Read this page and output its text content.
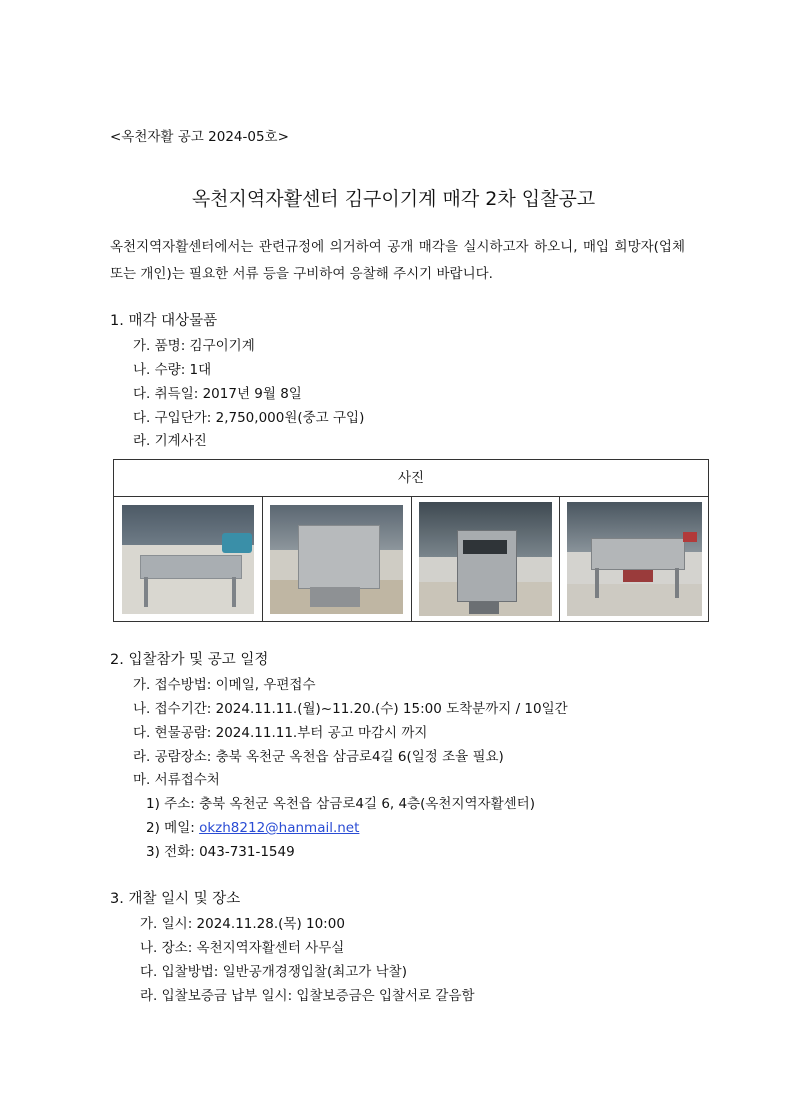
<옥천자활 공고 2024-05호>
옥천지역자활센터 김구이기계 매각 2차 입찰공고
옥천지역자활센터에서는 관련규정에 의거하여 공개 매각을 실시하고자 하오니, 매입 희망자(업체 또는 개인)는 필요한 서류 등을 구비하여 응찰해 주시기 바랍니다.
1. 매각 대상물품
가. 품명: 김구이기계
나. 수량: 1대
다. 취득일: 2017년 9월 8일
다. 구입단가: 2,750,000원(중고 구입)
라. 기계사진
사진
2. 입찰참가 및 공고 일정
가. 접수방법: 이메일, 우편접수
나. 접수기간: 2024.11.11.(월)~11.20.(수) 15:00 도착분까지 / 10일간
다. 현물공람: 2024.11.11.부터 공고 마감시 까지
라. 공람장소: 충북 옥천군 옥천읍 삼금로4길 6(일정 조율 필요)
마. 서류접수처
1) 주소: 충북 옥천군 옥천읍 삼금로4길 6, 4층(옥천지역자활센터)
2) 메일: okzh8212@hanmail.net
3) 전화: 043-731-1549
3. 개찰 일시 및 장소
가. 일시: 2024.11.28.(목) 10:00
나. 장소: 옥천지역자활센터 사무실
다. 입찰방법: 일반공개경쟁입찰(최고가 낙찰)
라. 입찰보증금 납부 일시: 입찰보증금은 입찰서로 갈음함
